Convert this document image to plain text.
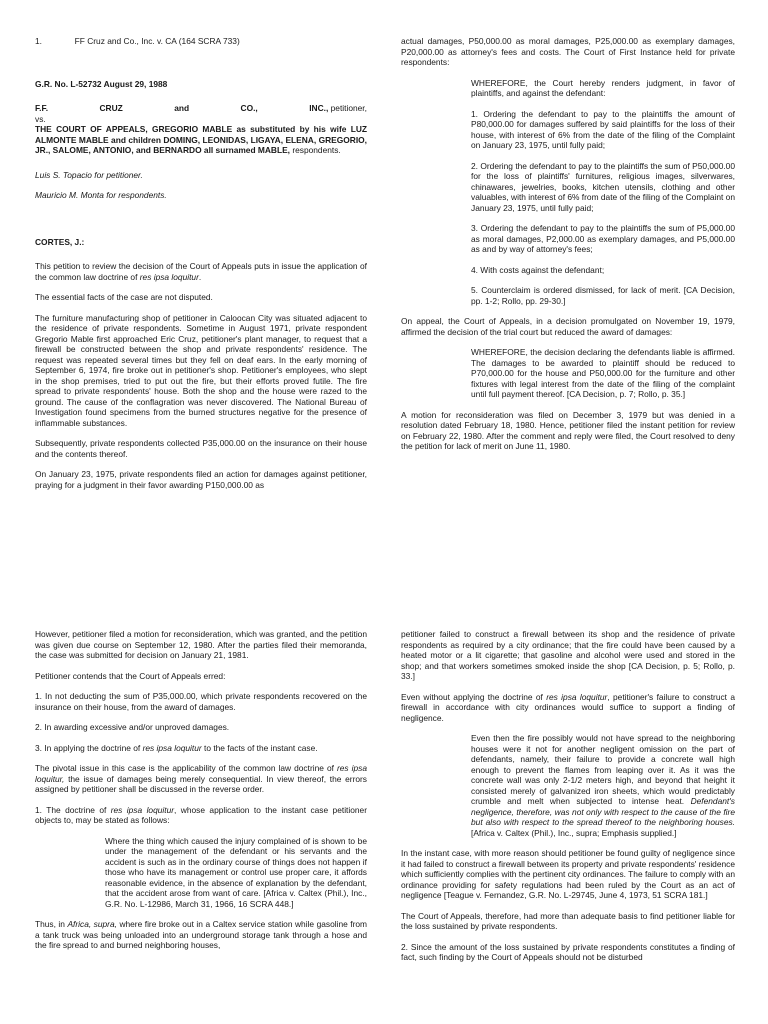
1.	FF Cruz and Co., Inc. v. CA (164 SCRA 733)

G.R. No. L-52732 August 29, 1988

F.F.	CRUZ	and	CO.,	INC., petitioner,
vs.

THE COURT OF APPEALS, GREGORIO MABLE as substituted by his wife LUZ ALMONTE MABLE and children DOMING, LEONIDAS, LIGAYA, ELENA, GREGORIO, JR., SALOME, ANTONIO, and BERNARDO all surnamed MABLE, respondents.

Luis S. Topacio for petitioner.

Mauricio M. Monta for respondents.

CORTES, J.:

This petition to review the decision of the Court of Appeals puts in issue the application of the common law doctrine of res ipsa loquitur.

The essential facts of the case are not disputed.

The furniture manufacturing shop of petitioner in Caloocan City was situated adjacent to the residence of private respondents. Sometime in August 1971, private respondent Gregorio Mable first approached Eric Cruz, petitioner's plant manager, to request that a firewall be constructed between the shop and private respondents' residence. The request was repeated several times but they fell on deaf ears. In the early morning of September 6, 1974, fire broke out in petitioner's shop. Petitioner's employees, who slept in the shop premises, tried to put out the fire, but their efforts proved futile. The fire spread to private respondents' house. Both the shop and the house were razed to the ground. The cause of the conflagration was never discovered. The National Bureau of Investigation found specimens from the burned structures negative for the presence of inflammable substances.

Subsequently, private respondents collected P35,000.00 on the insurance on their house and the contents thereof.

On January 23, 1975, private respondents filed an action for damages against petitioner, praying for a judgment in their favor awarding P150,000.00 as

actual damages, P50,000.00 as moral damages, P25,000.00 as exemplary damages, P20,000.00 as attorney's fees and costs. The Court of First Instance held for private respondents:

WHEREFORE, the Court hereby renders judgment, in favor of plaintiffs, and against the defendant:

1. Ordering the defendant to pay to the plaintiffs the amount of P80,000.00 for damages suffered by said plaintiffs for the loss of their house, with interest of 6% from the date of the filing of the Complaint on January 23, 1975, until fully paid;

2. Ordering the defendant to pay to the plaintiffs the sum of P50,000.00 for the loss of plaintiffs' furnitures, religious images, silverwares, chinawares, jewelries, books, kitchen utensils, clothing and other valuables, with interest of 6% from date of the filing of the Complaint on January 23, 1975, until fully paid;

3. Ordering the defendant to pay to the plaintiffs the sum of P5,000.00 as moral damages, P2,000.00 as exemplary damages, and P5,000.00 as and by way of attorney's fees;

4. With costs against the defendant;

5. Counterclaim is ordered dismissed, for lack of merit. [CA Decision, pp. 1-2; Rollo, pp. 29-30.]

On appeal, the Court of Appeals, in a decision promulgated on November 19, 1979, affirmed the decision of the trial court but reduced the award of damages:

WHEREFORE, the decision declaring the defendants liable is affirmed. The damages to be awarded to plaintiff should be reduced to P70,000.00 for the house and P50,000.00 for the furniture and other fixtures with legal interest from the date of the filing of the complaint until full payment thereof. [CA Decision, p. 7; Rollo, p. 35.]

A motion for reconsideration was filed on December 3, 1979 but was denied in a resolution dated February 18, 1980. Hence, petitioner filed the instant petition for review on February 22, 1980. After the comment and reply were filed, the Court resolved to deny the petition for lack of merit on June 11, 1980.

However, petitioner filed a motion for reconsideration, which was granted, and the petition was given due course on September 12, 1980. After the parties filed their memoranda, the case was submitted for decision on January 21, 1981.

Petitioner contends that the Court of Appeals erred:

1. In not deducting the sum of P35,000.00, which private respondents recovered on the insurance on their house, from the award of damages.

2. In awarding excessive and/or unproved damages.

3. In applying the doctrine of res ipsa loquitur to the facts of the instant case.

The pivotal issue in this case is the applicability of the common law doctrine of res ipsa loquitur, the issue of damages being merely consequential. In view thereof, the errors assigned by petitioner shall be discussed in the reverse order.

1. The doctrine of res ipsa loquitur, whose application to the instant case petitioner objects to, may be stated as follows:

Where the thing which caused the injury complained of is shown to be under the management of the defendant or his servants and the accident is such as in the ordinary course of things does not happen if those who have its management or control use proper care, it affords reasonable evidence, in the absence of explanation by the defendant, that the accident arose from want of care. [Africa v. Caltex (Phil.), Inc., G.R. No. L-12986, March 31, 1966, 16 SCRA 448.]

Thus, in Africa, supra, where fire broke out in a Caltex service station while gasoline from a tank truck was being unloaded into an underground storage tank through a hose and the fire spread to and burned neighboring houses,

petitioner failed to construct a firewall between its shop and the residence of private respondents as required by a city ordinance; that the fire could have been caused by a heated motor or a lit cigarette; that gasoline and alcohol were used and stored in the shop; and that workers sometimes smoked inside the shop [CA Decision, p. 5; Rollo, p. 33.]

Even without applying the doctrine of res ipsa loquitur, petitioner's failure to construct a firewall in accordance with city ordinances would suffice to support a finding of negligence.

Even then the fire possibly would not have spread to the neighboring houses were it not for another negligent omission on the part of defendants, namely, their failure to provide a concrete wall high enough to prevent the flames from leaping over it. As it was the concrete wall was only 2-1/2 meters high, and beyond that height it consisted merely of galvanized iron sheets, which would predictably crumble and melt when subjected to intense heat. Defendant's negligence, therefore, was not only with respect to the cause of the fire but also with respect to the spread thereof to the neighboring houses.[Africa v. Caltex (Phil.), Inc., supra; Emphasis supplied.]

In the instant case, with more reason should petitioner be found guilty of negligence since it had failed to construct a firewall between its property and private respondents' residence which sufficiently complies with the pertinent city ordinances. The failure to comply with an ordinance providing for safety regulations had been ruled by the Court as an act of negligence [Teague v. Fernandez, G.R. No. L-29745, June 4, 1973, 51 SCRA 181.]

The Court of Appeals, therefore, had more than adequate basis to find petitioner liable for the loss sustained by private respondents.

2. Since the amount of the loss sustained by private respondents constitutes a finding of fact, such finding by the Court of Appeals should not be disturbed
